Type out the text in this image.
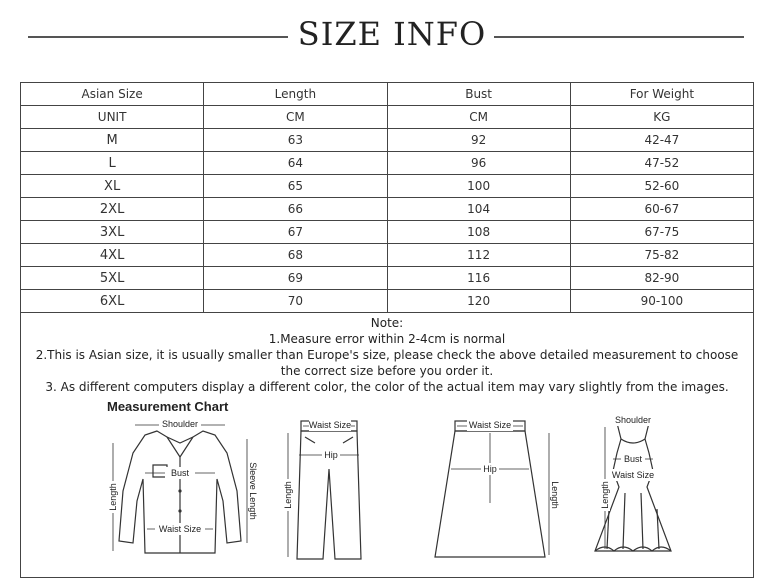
SIZE INFO
Asian Size	Length	Bust	For Weight
UNIT	CM	CM	KG
M	63	92	42-47
L	64	96	47-52
XL	65	100	52-60
2XL	66	104	60-67
3XL	67	108	67-75
4XL	68	112	75-82
5XL	69	116	82-90
6XL	70	120	90-100
Note:
1.Measure error within 2-4cm is normal
2.This is Asian size, it is usually smaller than Europe's size, please check the above detailed measurement to choose the correct size before you order it.
3. As different computers display a different color, the color of the actual item may vary slightly from the images.
Measurement Chart
Shoulder
Bust
Waist Size
Length	Sleeve Length
Waist Size
Hip
Length
Waist Size
Hip
Length
Shoulder
Bust
Waist Size
Length
